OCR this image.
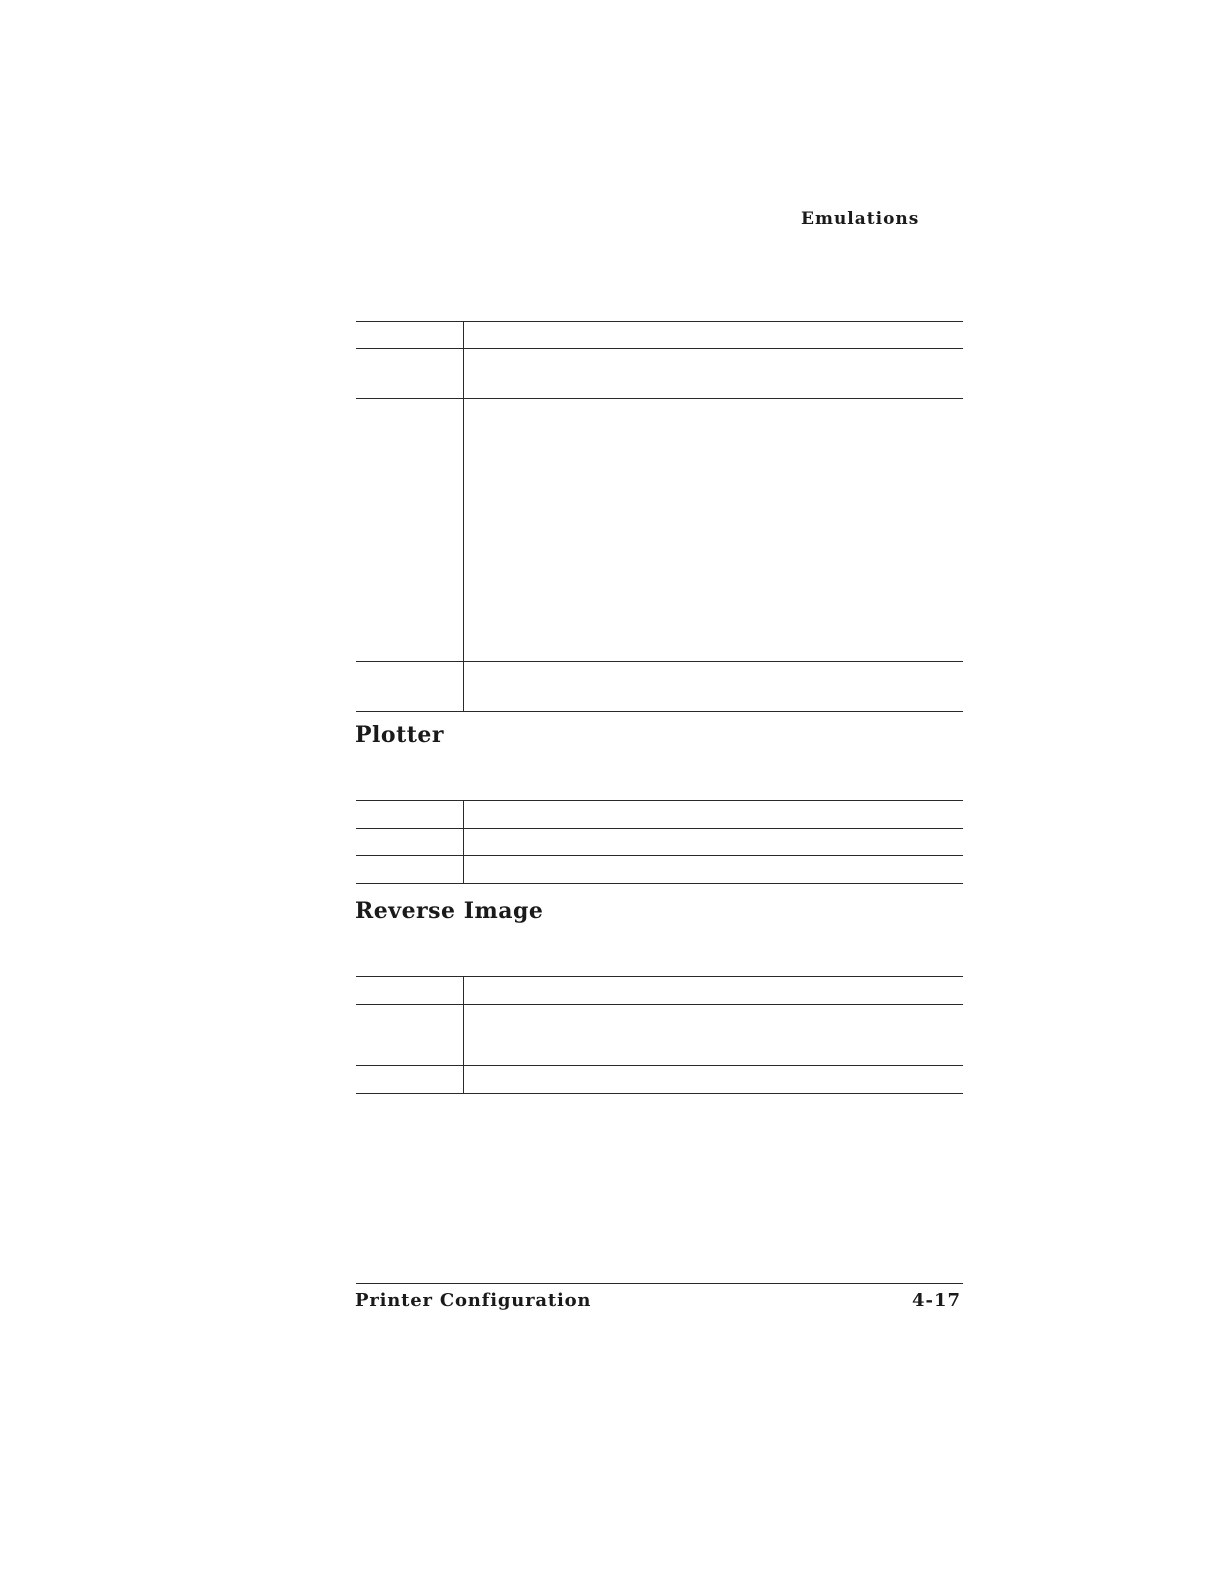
Emulations
Plotter
Reverse Image
Printer Configuration	4-17
